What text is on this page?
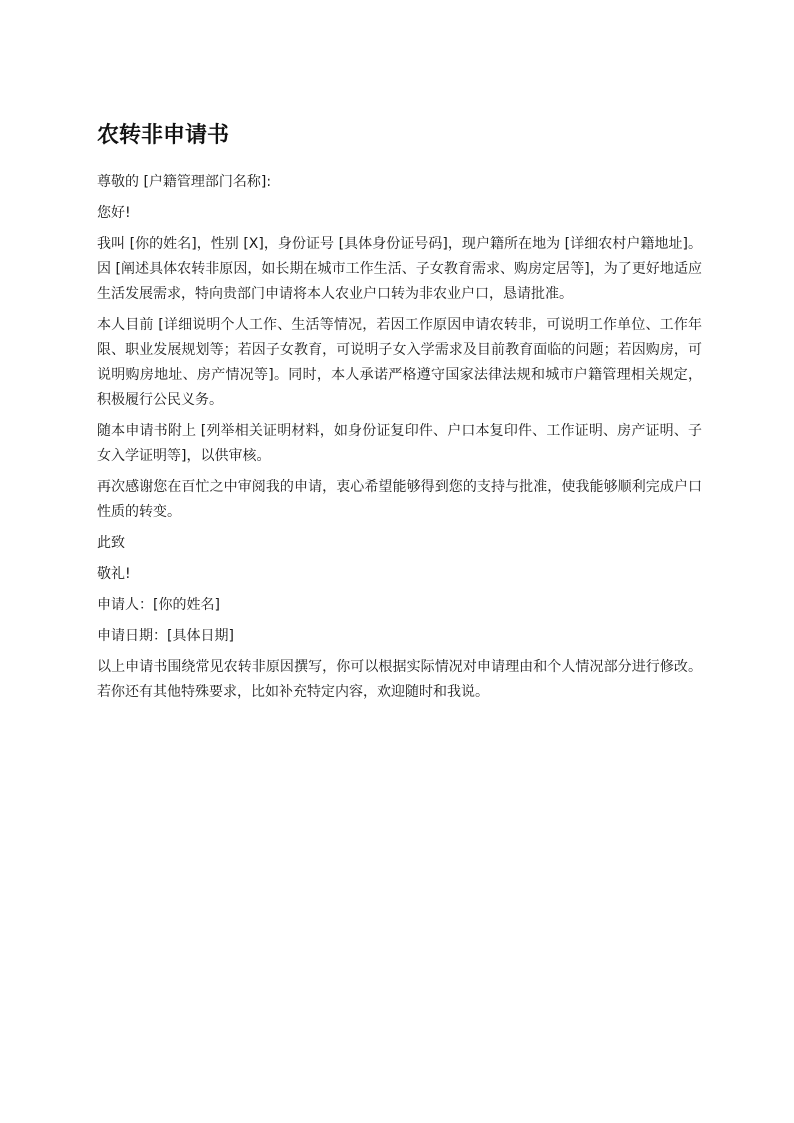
农转非申请书

尊敬的 [户籍管理部门名称]:

您好!

我叫 [你的姓名]，性别 [X]，身份证号 [具体身份证号码]，现户籍所在地为 [详细农村户籍地址]。因 [阐述具体农转非原因，如长期在城市工作生活、子女教育需求、购房定居等]，为了更好地适应生活发展需求，特向贵部门申请将本人农业户口转为非农业户口，恳请批准。

本人目前 [详细说明个人工作、生活等情况，若因工作原因申请农转非，可说明工作单位、工作年限、职业发展规划等；若因子女教育，可说明子女入学需求及目前教育面临的问题；若因购房，可说明购房地址、房产情况等]。同时，本人承诺严格遵守国家法律法规和城市户籍管理相关规定，积极履行公民义务。

随本申请书附上 [列举相关证明材料，如身份证复印件、户口本复印件、工作证明、房产证明、子女入学证明等]，以供审核。

再次感谢您在百忙之中审阅我的申请，衷心希望能够得到您的支持与批准，使我能够顺利完成户口性质的转变。

此致

敬礼!

申请人：[你的姓名]

申请日期：[具体日期]

以上申请书围绕常见农转非原因撰写，你可以根据实际情况对申请理由和个人情况部分进行修改。若你还有其他特殊要求，比如补充特定内容，欢迎随时和我说。
